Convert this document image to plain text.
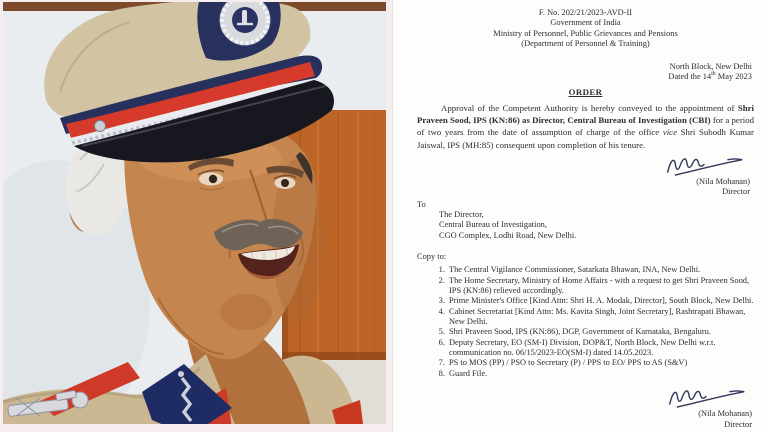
F. No. 202/21/2023-AVD-II
Government of India
Ministry of Personnel, Public Grievances and Pensions
(Department of Personnel & Training)
North Block, New Delhi
Dated the 14th May 2023
ORDER

Approval of the Competent Authority is hereby conveyed to the appointment of Shri Praveen Sood, IPS (KN:86) as Director, Central Bureau of Investigation (CBI) for a period of two years from the date of assumption of charge of the office vice Shri Subodh Kumar Jaiswal, IPS (MH:85) consequent upon completion of his tenure.

(Nila Mohanan)
Director
To
The Director,
Central Bureau of Investigation,
CGO Complex, Lodhi Road, New Delhi.
Copy to:
1. The Central Vigilance Commissioner, Satarkata Bhawan, INA, New Delhi.
2. The Home Secretary, Ministry of Home Affairs - with a request to get Shri Praveen Sood, IPS (KN:86) relieved accordingly.
3. Prime Minister's Office [Kind Attn: Shri H. A. Modak, Director], South Block, New Delhi.
4. Cabinet Secretariat [Kind Attn: Ms. Kavita Singh, Joint Secretary], Rashtrapati Bhawan, New Delhi.
5. Shri Praveen Sood, IPS (KN:86), DGP, Government of Karnataka, Bengaluru.
6. Deputy Secretary, EO (SM-I) Division, DOP&T, North Block, New Delhi w.r.t. communication no. 06/15/2023-EO(SM-I) dated 14.05.2023.
7. PS to MOS (PP) / PSO to Secretary (P) / PPS to EO/ PPS to AS (S&V)
8. Guard File.
(Nila Mohanan)
Director
